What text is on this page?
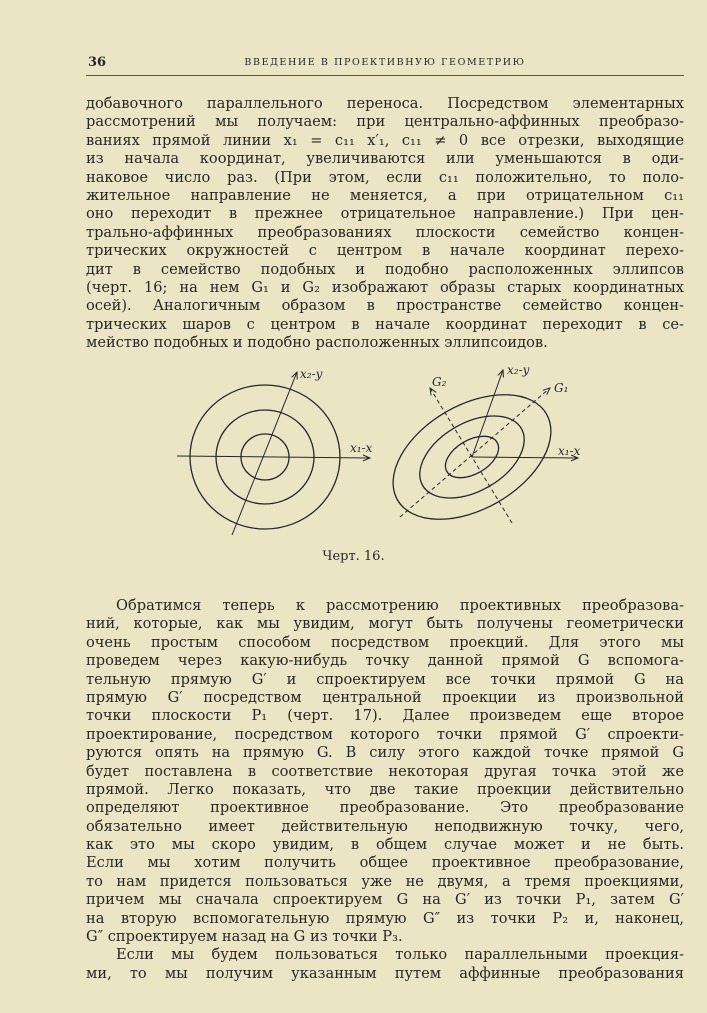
36	ВВЕДЕНИЕ В ПРОЕКТИВНУЮ ГЕОМЕТРИЮ
добавочного параллельного переноса. Посредством элементарных
рассмотрений мы получаем: при центрально-аффинных преобразо-
ваниях прямой линии x₁ = c₁₁ x′₁, c₁₁ ≠ 0 все отрезки, выходящие
из начала координат, увеличиваются или уменьшаются в оди-
наковое число раз. (При этом, если c₁₁ положительно, то поло-
жительное направление не меняется, а при отрицательном c₁₁
оно переходит в прежнее отрицательное направление.) При цен-
трально-аффинных преобразованиях плоскости семейство концен-
трических окружностей с центром в начале координат перехо-
дит в семейство подобных и подобно расположенных эллипсов
(черт. 16; на нем G₁ и G₂ изображают образы старых координатных
осей). Аналогичным образом в пространстве семейство концен-
трических шаров с центром в начале координат переходит в се-
мейство подобных и подобно расположенных эллипсоидов.
x₁-x
x₂-y
x₁-x
x₂-y
G₁
G₂
Черт. 16.
Обратимся теперь к рассмотрению проективных преобразова-
ний, которые, как мы увидим, могут быть получены геометрически
очень простым способом посредством проекций. Для этого мы
проведем через какую-нибудь точку данной прямой G вспомога-
тельную прямую G′ и спроектируем все точки прямой G на
прямую G′ посредством центральной проекции из произвольной
точки плоскости P₁ (черт. 17). Далее произведем еще второе
проектирование, посредством которого точки прямой G′ спроекти-
руются опять на прямую G. В силу этого каждой точке прямой G
будет поставлена в соответствие некоторая другая точка этой же
прямой. Легко показать, что две такие проекции действительно
определяют проективное преобразование. Это преобразование
обязательно имеет действительную неподвижную точку, чего,
как это мы скоро увидим, в общем случае может и не быть.
Если мы хотим получить общее проективное преобразование,
то нам придется пользоваться уже не двумя, а тремя проекциями,
причем мы сначала спроектируем G на G′ из точки P₁, затем G′
на вторую вспомогательную прямую G″ из точки P₂ и, наконец,
G″ спроектируем назад на G из точки P₃.
Если мы будем пользоваться только параллельными проекция-
ми, то мы получим указанным путем аффинные преобразования
